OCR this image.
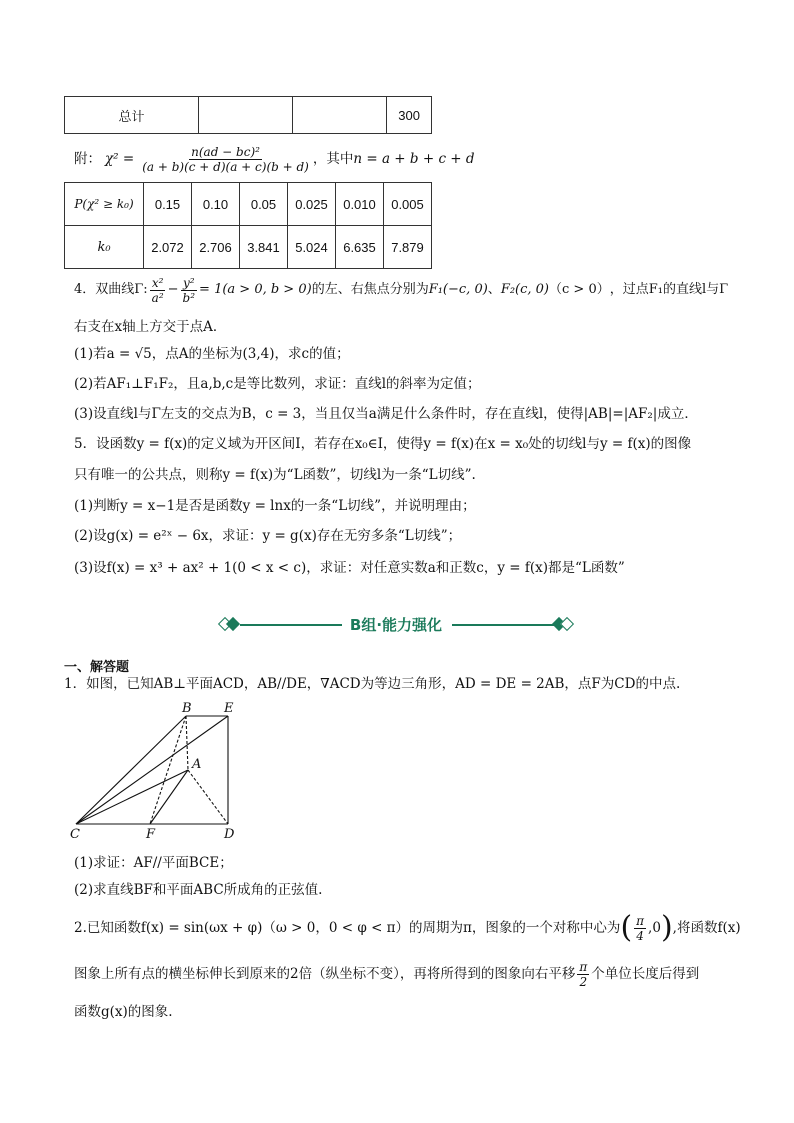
总计			300
附： $\chi^2 = \frac{\text{n(ad − bc)²}}{(a + b)(c + d)(a + c)(b + d)}$ ，其中 n = a + b + c + d
P(χ² ≥ k₀)	0.15	0.10	0.05	0.025	0.010	0.005
k₀	2.072	2.706	3.841	5.024	6.635	7.879
4．双曲线Γ: $\frac{\text{x²}}{\text{a²}} - \frac{\text{y²}}{\text{b²}} = 1(a > 0$, b > 0) 的左、右焦点分别为 F₁(−c, 0) 、 F₂(c, 0) （c > 0） ，过点F₁的直线l与Γ
右支在x轴上方交于点A．
(1)若a = √5，点A的坐标为(3,4)，求c的值；
(2)若AF₁⊥F₁F₂，且a,b,c是等比数列，求证：直线l的斜率为定值；
(3)设直线l与Γ左支的交点为B，c = 3，当且仅当a满足什么条件时，存在直线l，使得|AB|=|AF₂|成立．
5．设函数y = f(x)的定义域为开区间I，若存在x₀∈I，使得y = f(x)在x = x₀处的切线l与y = f(x)的图像
只有唯一的公共点，则称y = f(x)为“L函数”，切线l为一条“L切线”.
(1)判断y = x−1是否是函数y = lnx的一条“L切线”，并说明理由；
(2)设g(x) = e²ˣ − 6x，求证：y = g(x)存在无穷多条“L切线”；
(3)设f(x) = x³ + ax² + 1(0 < x < c)，求证：对任意实数a和正数c，y = f(x)都是“L函数”
B组·能力强化
一、解答题
1．如图，已知AB⊥平面ACD，AB//DE，∇ACD为等边三角形，AD = DE = 2AB，点F为CD的中点.
B E
A
C	F	D
(1)求证：AF//平面BCE；
(2)求直线BF和平面ABC所成角的正弦值.
2.已知函数f(x) = sin(ωx + φ)（ω > 0，0 < φ < π）的周期为π，图象的一个对称中心为 ( $\frac{\pi}{4} ,0$ ) ,将函数f(x)
图象上所有点的横坐标伸长到原来的2倍（纵坐标不变），再将所得到的图象向右平移 $\frac{\pi}{2}$ 个单位长度后得到
函数g(x)的图象.
